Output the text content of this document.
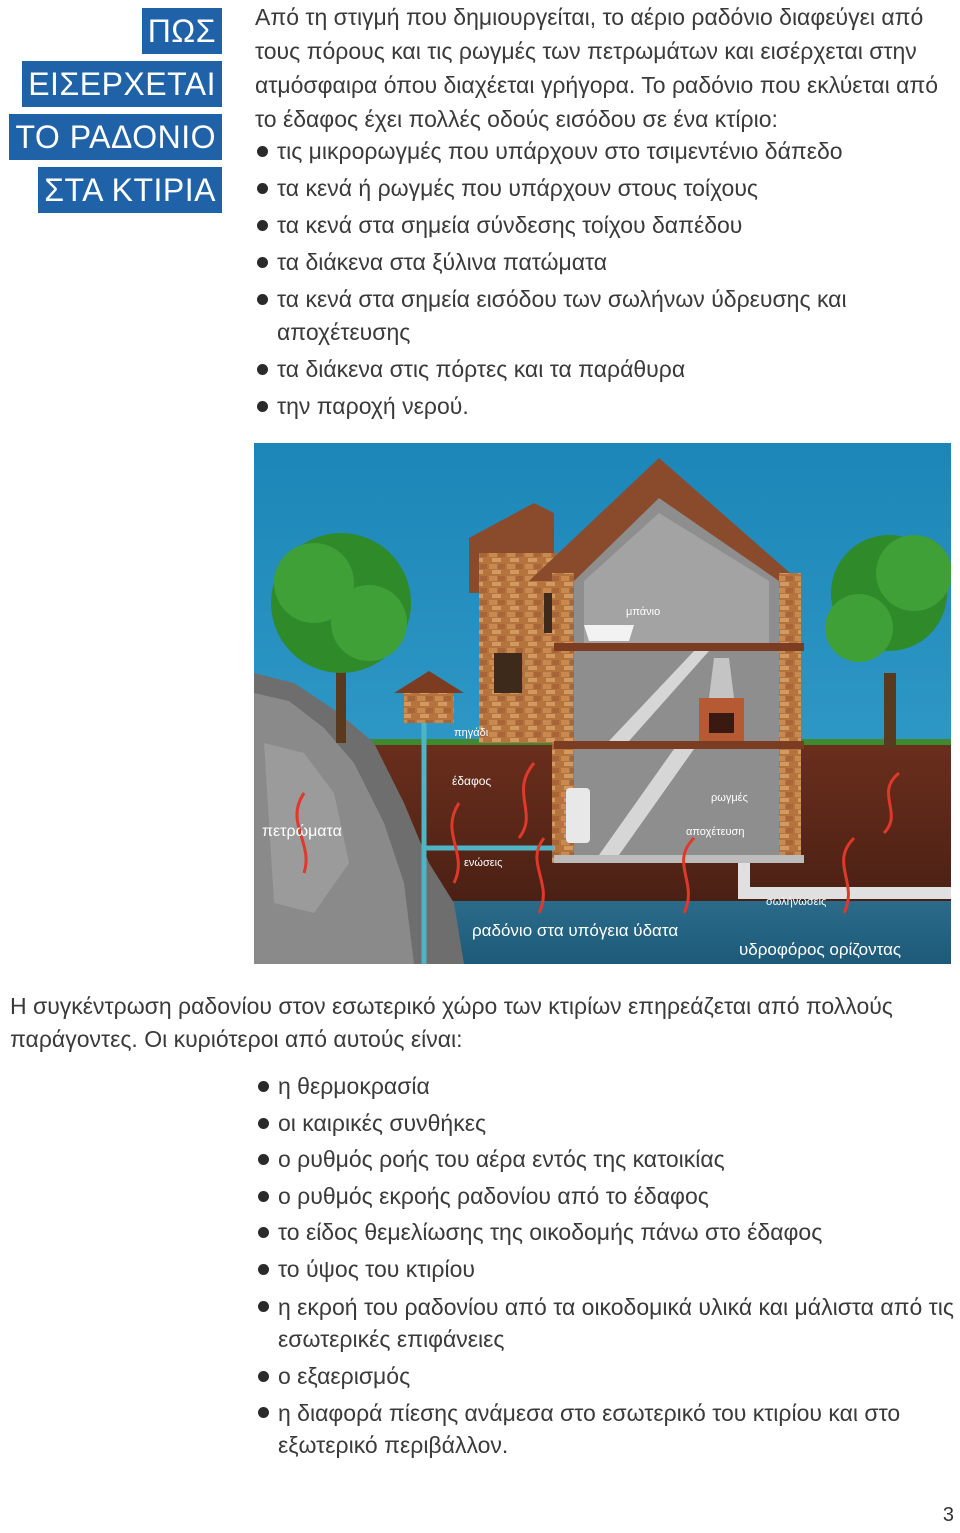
ΠΩΣ
ΕΙΣΕΡΧΕΤΑΙ
ΤΟ ΡΑΔΟΝΙΟ
ΣΤΑ ΚΤΙΡΙΑ

Από τη στιγμή που δημιουργείται, το αέριο ραδόνιο διαφεύγει από τους πόρους και τις ρωγμές των πετρωμάτων και εισέρχεται στην ατμόσφαιρα όπου διαχέεται γρήγορα. Το ραδόνιο που εκλύεται από το έδαφος έχει πολλές οδούς εισόδου σε ένα κτίριο:

τις μικρορωγμές που υπάρχουν στο τσιμεντένιο δάπεδο
τα κενά ή ρωγμές που υπάρχουν στους τοίχους
τα κενά στα σημεία σύνδεσης τοίχου δαπέδου
τα διάκενα στα ξύλινα πατώματα
τα κενά στα σημεία εισόδου των σωλήνων ύδρευσης και αποχέτευσης
τα διάκενα στις πόρτες και τα παράθυρα
την παροχή νερού.
μπάνιο
πηγάδι
έδαφος
πετρώματα
ενώσεις
ρωγμές
αποχέτευση
σωλήνωσεις
ραδόνιο στα υπόγεια ύδατα
υδροφόρος ορίζοντας

Η συγκέντρωση ραδονίου στον εσωτερικό χώρο των κτιρίων επηρεάζεται από πολλούς παράγοντες. Οι κυριότεροι από αυτούς είναι:

η θερμοκρασία
οι καιρικές συνθήκες
ο ρυθμός ροής του αέρα εντός της κατοικίας
ο ρυθμός εκροής ραδονίου από το έδαφος
το είδος θεμελίωσης της οικοδομής πάνω στο έδαφος
το ύψος του κτιρίου
η εκροή του ραδονίου από τα οικοδομικά υλικά και μάλιστα από τις εσωτερικές επιφάνειες
ο εξαερισμός
η διαφορά πίεσης ανάμεσα στο εσωτερικό του κτιρίου και στο εξωτερικό περιβάλλον.
3
